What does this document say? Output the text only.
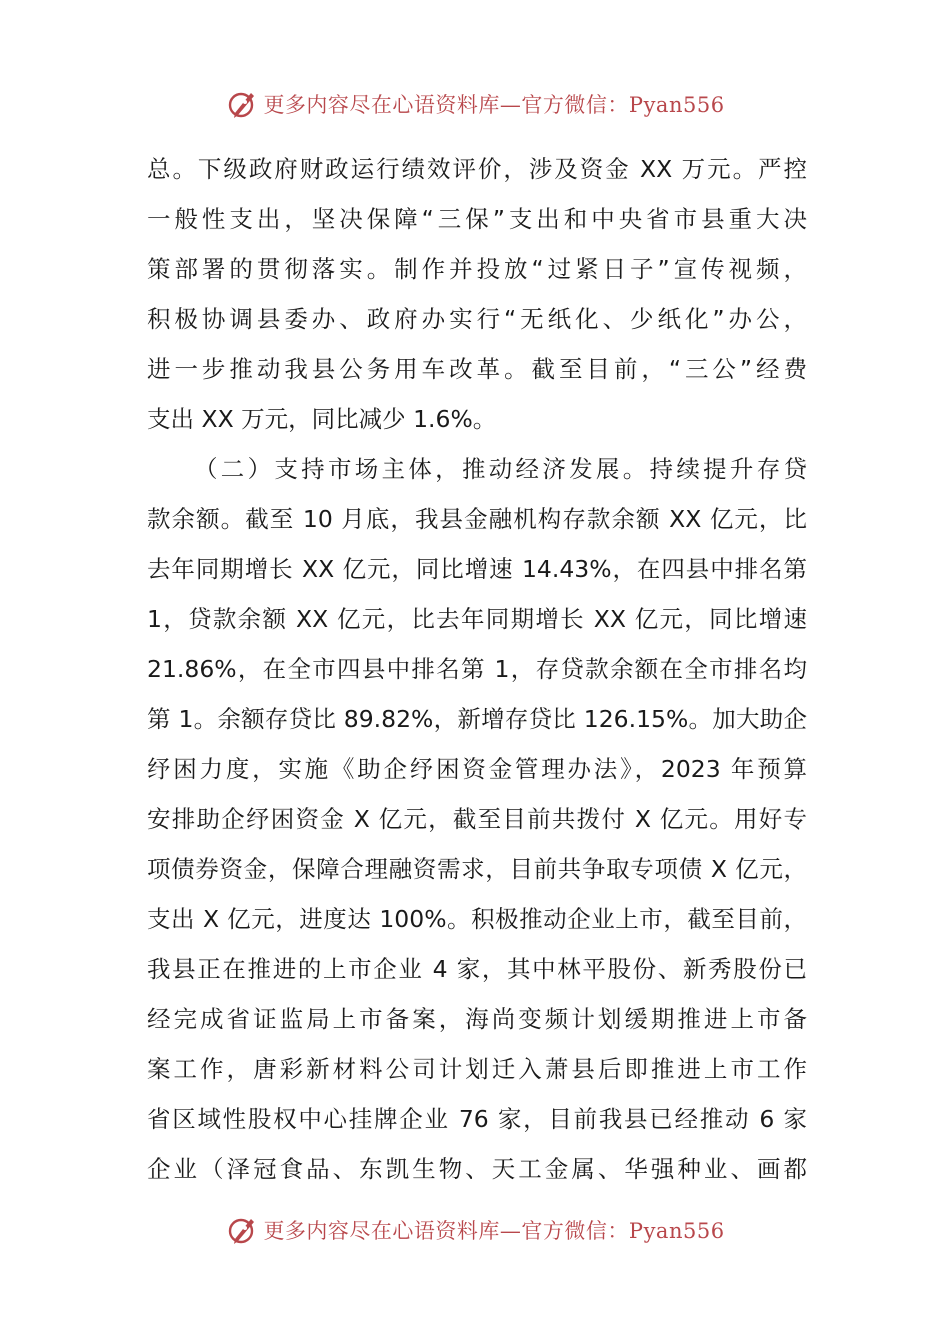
更多内容尽在心语资料库—官方微信：Pyan556
总。下级政府财政运行绩效评价，涉及资金 XX 万元。严控
一般性支出，坚决保障“三保”支出和中央省市县重大决
策部署的贯彻落实。制作并投放“过紧日子”宣传视频，
积极协调县委办、政府办实行“无纸化、少纸化”办公，
进一步推动我县公务用车改革。截至目前，“三公”经费
支出 XX 万元，同比减少 1.6%。
（二）支持市场主体，推动经济发展。持续提升存贷
款余额。截至 10 月底，我县金融机构存款余额 XX 亿元，比
去年同期增长 XX 亿元，同比增速 14.43%，在四县中排名第
1，贷款余额 XX 亿元，比去年同期增长 XX 亿元，同比增速
21.86%，在全市四县中排名第 1，存贷款余额在全市排名均
第 1。余额存贷比 89.82%，新增存贷比 126.15%。加大助企
纾困力度，实施《助企纾困资金管理办法》，2023 年预算
安排助企纾困资金 X 亿元，截至目前共拨付 X 亿元。用好专
项债券资金，保障合理融资需求，目前共争取专项债 X 亿元，
支出 X 亿元，进度达 100%。积极推动企业上市，截至目前，
我县正在推进的上市企业 4 家，其中林平股份、新秀股份已
经完成省证监局上市备案，海尚变频计划缓期推进上市备
案工作，唐彩新材料公司计划迁入萧县后即推进上市工作
省区域性股权中心挂牌企业 76 家，目前我县已经推动 6 家
企业（泽冠食品、东凯生物、天工金属、华强种业、画都
更多内容尽在心语资料库—官方微信：Pyan556
